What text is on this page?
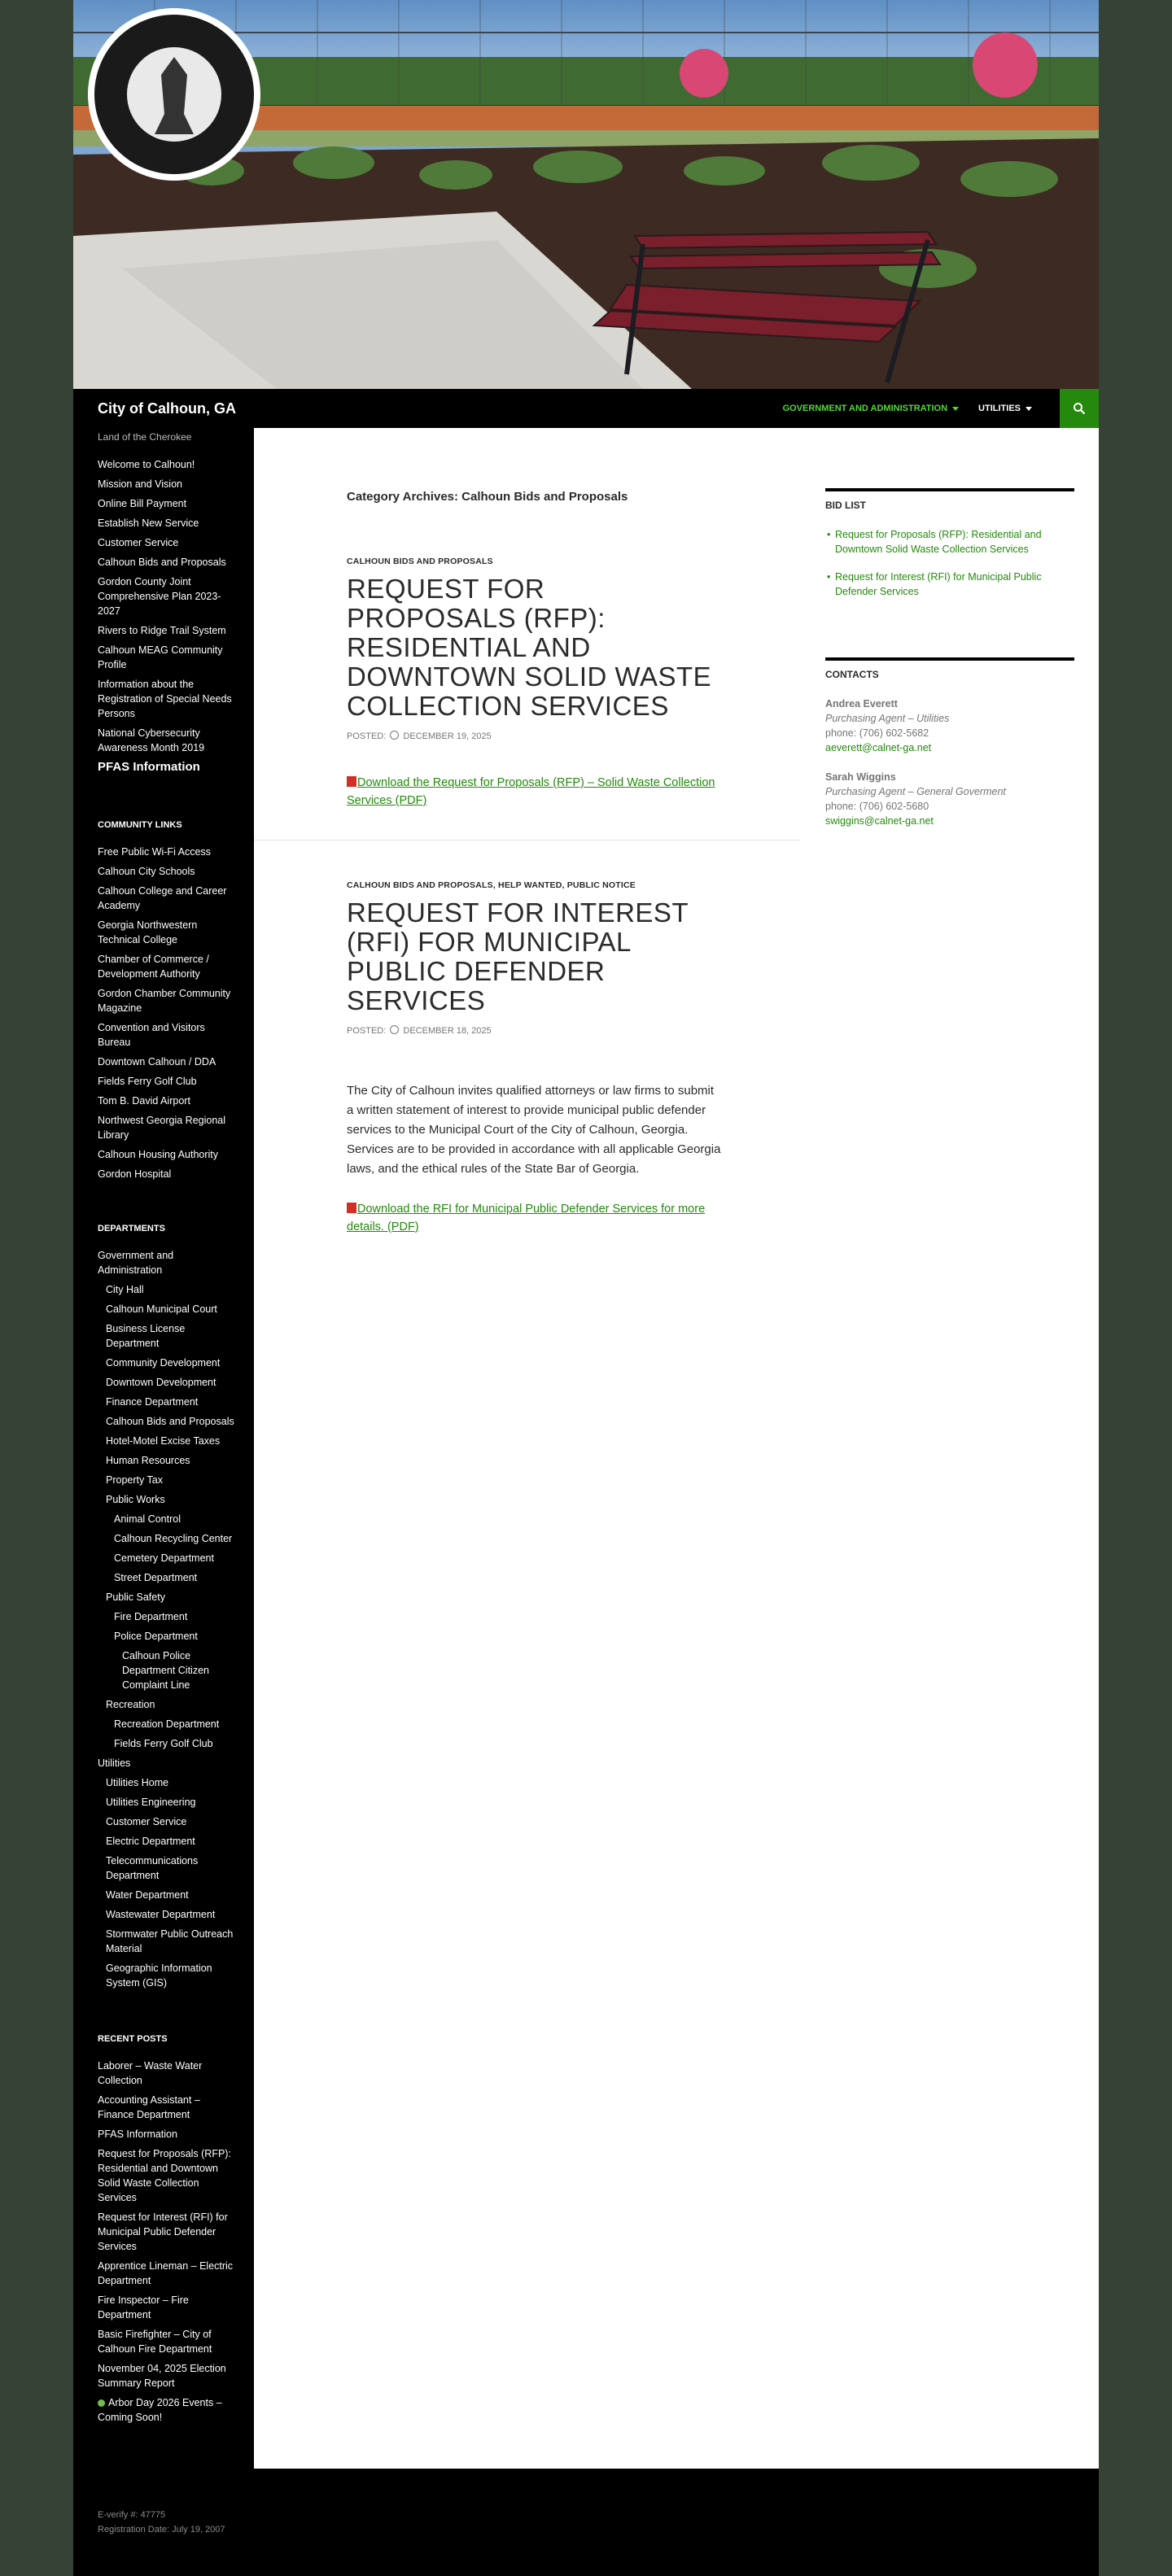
City of Calhoun, GA	GOVERNMENT AND ADMINISTRATION	UTILITIES
Land of the Cherokee
Welcome to Calhoun!
Mission and Vision
Online Bill Payment
Establish New Service
Customer Service
Calhoun Bids and Proposals
Gordon County Joint Comprehensive Plan 2023-2027
Rivers to Ridge Trail System
Calhoun MEAG Community Profile
Information about the Registration of Special Needs Persons
National Cybersecurity Awareness Month 2019
PFAS Information
COMMUNITY LINKS
Free Public Wi-Fi Access
Calhoun City Schools
Calhoun College and Career Academy
Georgia Northwestern Technical College
Chamber of Commerce / Development Authority
Gordon Chamber Community Magazine
Convention and Visitors Bureau
Downtown Calhoun / DDA
Fields Ferry Golf Club
Tom B. David Airport
Northwest Georgia Regional Library
Calhoun Housing Authority
Gordon Hospital
DEPARTMENTS
Government and Administration
City Hall
Calhoun Municipal Court
Business License Department
Community Development
Downtown Development
Finance Department
Calhoun Bids and Proposals
Hotel-Motel Excise Taxes
Human Resources
Property Tax
Public Works
Animal Control
Calhoun Recycling Center
Cemetery Department
Street Department
Public Safety
Fire Department
Police Department
Calhoun Police Department Citizen Complaint Line
Recreation
Recreation Department
Fields Ferry Golf Club
Utilities
Utilities Home
Utilities Engineering
Customer Service
Electric Department
Telecommunications Department
Water Department
Wastewater Department
Stormwater Public Outreach Material
Geographic Information System (GIS)
RECENT POSTS
Laborer – Waste Water Collection
Accounting Assistant – Finance Department
PFAS Information
Request for Proposals (RFP): Residential and Downtown Solid Waste Collection Services
Request for Interest (RFI) for Municipal Public Defender Services
Apprentice Lineman – Electric Department
Fire Inspector – Fire Department
Basic Firefighter – City of Calhoun Fire Department
November 04, 2025 Election Summary Report
Arbor Day 2026 Events – Coming Soon!
Category Archives: Calhoun Bids and Proposals
CALHOUN BIDS AND PROPOSALS
REQUEST FOR PROPOSALS (RFP): RESIDENTIAL AND DOWNTOWN SOLID WASTE COLLECTION SERVICES
POSTED: DECEMBER 19, 2025
Download the Request for Proposals (RFP) – Solid Waste Collection Services (PDF)
CALHOUN BIDS AND PROPOSALS, HELP WANTED, PUBLIC NOTICE
REQUEST FOR INTEREST (RFI) FOR MUNICIPAL PUBLIC DEFENDER SERVICES
POSTED: DECEMBER 18, 2025

The City of Calhoun invites qualified attorneys or law firms to submit a written statement of interest to provide municipal public defender services to the Municipal Court of the City of Calhoun, Georgia. Services are to be provided in accordance with all applicable Georgia laws, and the ethical rules of the State Bar of Georgia.

Download the RFI for Municipal Public Defender Services for more details. (PDF)
BID LIST
• Request for Proposals (RFP): Residential and Downtown Solid Waste Collection Services
• Request for Interest (RFI) for Municipal Public Defender Services
CONTACTS
Andrea Everett
Purchasing Agent – Utilities
phone: (706) 602-5682
aeverett@calnet-ga.net
Sarah Wiggins
Purchasing Agent – General Goverment
phone: (706) 602-5680
swiggins@calnet-ga.net
E-verify #: 47775
Registration Date: July 19, 2007
